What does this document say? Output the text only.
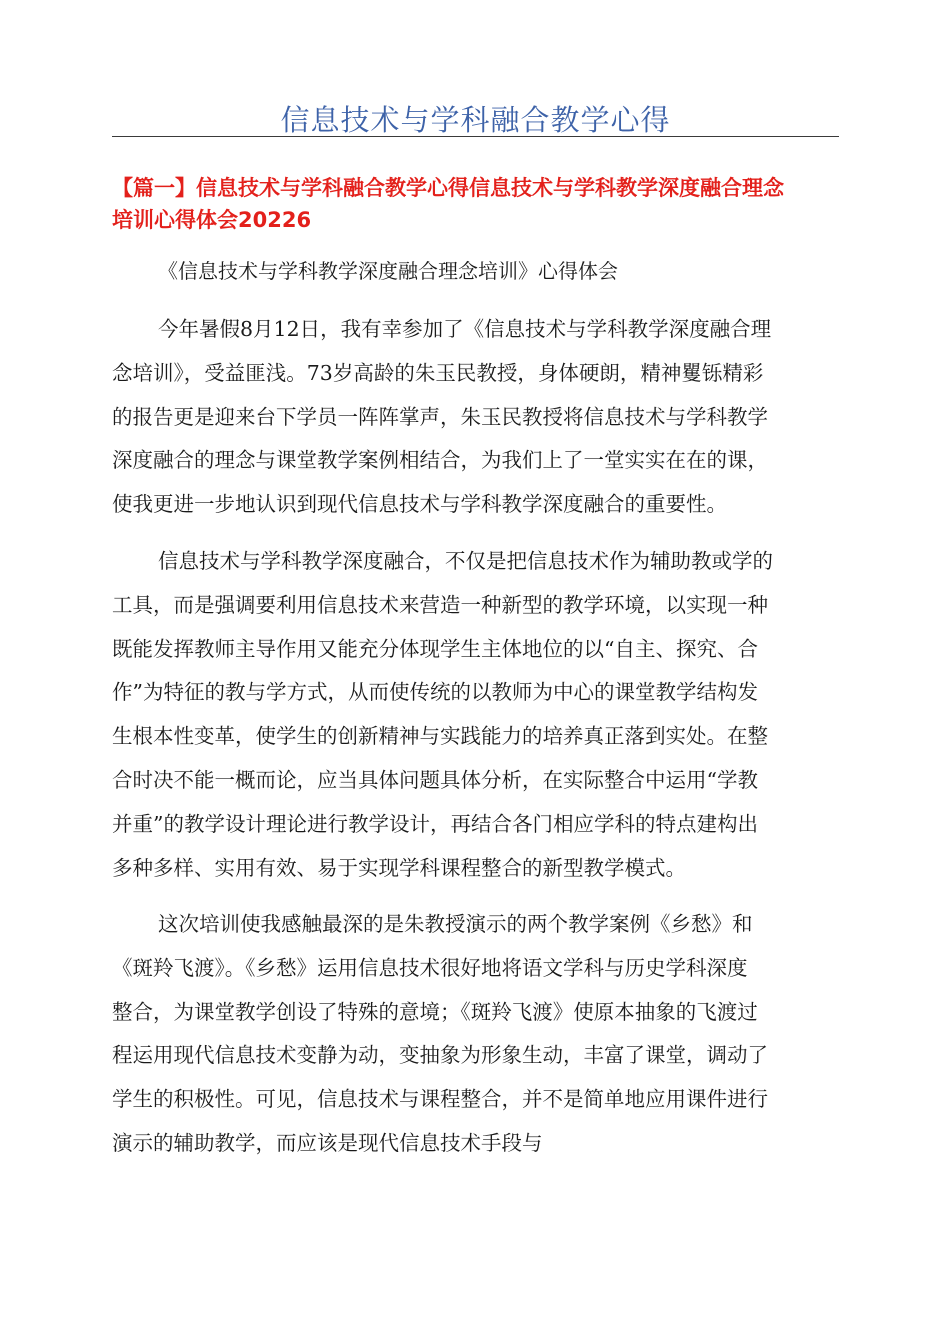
信息技术与学科融合教学心得
【篇一】信息技术与学科融合教学心得信息技术与学科教学深度融合理念
培训心得体会20226
《信息技术与学科教学深度融合理念培训》心得体会
今年暑假8月12日，我有幸参加了《信息技术与学科教学深度融合理
念培训》，受益匪浅。73岁高龄的朱玉民教授，身体硬朗，精神矍铄精彩
的报告更是迎来台下学员一阵阵掌声，朱玉民教授将信息技术与学科教学
深度融合的理念与课堂教学案例相结合，为我们上了一堂实实在在的课，
使我更进一步地认识到现代信息技术与学科教学深度融合的重要性。
信息技术与学科教学深度融合，不仅是把信息技术作为辅助教或学的
工具，而是强调要利用信息技术来营造一种新型的教学环境，以实现一种
既能发挥教师主导作用又能充分体现学生主体地位的以“自主、探究、合
作”为特征的教与学方式，从而使传统的以教师为中心的课堂教学结构发
生根本性变革，使学生的创新精神与实践能力的培养真正落到实处。在整
合时决不能一概而论，应当具体问题具体分析，在实际整合中运用“学教
并重”的教学设计理论进行教学设计，再结合各门相应学科的特点建构出
多种多样、实用有效、易于实现学科课程整合的新型教学模式。
这次培训使我感触最深的是朱教授演示的两个教学案例《乡愁》和
《斑羚飞渡》。《乡愁》运用信息技术很好地将语文学科与历史学科深度
整合，为课堂教学创设了特殊的意境；《斑羚飞渡》使原本抽象的飞渡过
程运用现代信息技术变静为动，变抽象为形象生动，丰富了课堂，调动了
学生的积极性。可见，信息技术与课程整合，并不是简单地应用课件进行
演示的辅助教学，而应该是现代信息技术手段与
